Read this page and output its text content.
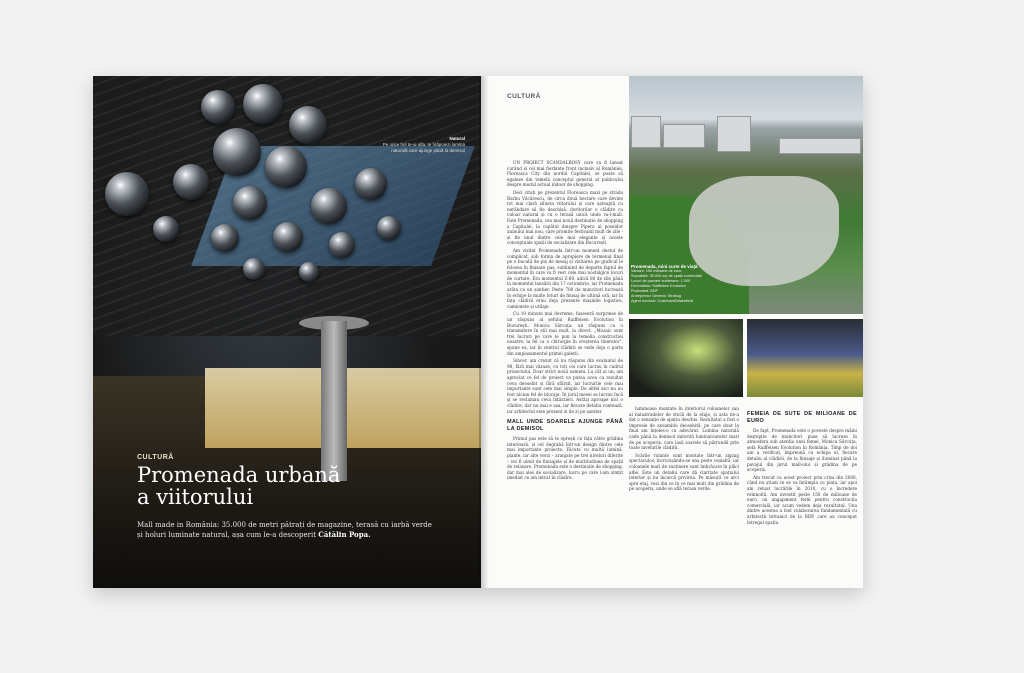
Natural
Pe orice hol te-ai afla, te înăpoiezi lumina naturală care ajunge până la demisol
CULTURĂ
Promenada urbană
a viitorului
Mall made in România: 35.000 de metri pătrați de magazine, terasă cu iarbă verde și holuri luminate natural, așa cum le-a descoperit Cătălin Popa.
CULTURĂ
Promenada, mini curte de viață
Valoare: 150 milioane de euro
Suprafață: 35.000 mp de spații comerciale
Locuri de parcare subterane: 1.000
Dezvoltator: Raiffeisen Evolution
Proiectant: BDP
Antreprenor General: Strabag
Agent exclusiv: Cushman&Wakefield

UN PROIECT SCANDALBOSY care va fi lansat curând și cel mai fierbinte front inclusiv al României, Floreasca City din nordul Capitalei, se poate să egaleze din temelii conceptul general al publicului despre modul actual indoor de shopping.

Deci citați pe prezentul Floreasca maxi pe strada Barbu Văcărescu, de circa două hectare care devine tot mai clară silueta viitorului și care așteaptă cu nerăbdare să fie deschisă, doritorilor o clădire cu culoar natural și cu o terasă unică unde va-l-mall. Este Promenada, cea mai nouă destinație de shopping a Capitalei, la capătul dinspre Pipera al poseidor aninului mai nou, care promite festivalul mult de zile - și fie unul dintre cele mai elegante și aceste conceptuale spații de socializare din București.

Am vizitat Promenada într-un moment destul de complicat, sub forma de apropiere de termenul final pe o bucată de pix de mesaj și vizitarea pe graficul le folosea în finisare pas, sublinind de departe faptul de momentul în care va fi vest cele mai nostalgice locuri de curtare. Era momentul Z-80, adică 80 de zile până la momentul lansării din 17 octombrie, iar Promenada arăta ca un șantier. Peste 700 de muncitori lucrează în echipe la multe loturi de finisaj de ultimă oră, iar în fața clădirii erau deja prezente mașinile logistice, camionete și utilaje.

Cu 10 minute mai devreme, fuseseră surprinse de un răspuns al șefului Raiffeisen Evolution în București, Monica Sărcuța: un răspuns cu o transmitere în stil mai mult, la direct. „Mozaic sunt trei lucruri pe care le pun la temelia construcției noastre, la fel ca o chirurgie în creșterea tinerelor”, spune ea, iar în centrul clădirii se vede deja o parte din amplasamentul primei galerii.

Sincer, am crezut că nu răspuns din evaluatul de 98, fără mai văzuse, cu toți cei care lucrau în cadrul proiectului. Doar strict nouă oameni. La cât ai un, am apreciat ce fel de proiect va putea avea ca rezultat ceva deosebit și fără sfârșit, iar lucrurile cele mai importante sunt cele mai simple. De altfel aici nu au fost niciun fel de blocaje. În jurul mesei se lucrau încă și se reclamau ceva întârzieri. Astăzi aproape nici o clădire, dar nu mai e așa, iar fiecare detaliu contează, iar arhitectul este prezent zi de zi pe șantier.

MALL UNDE SOARELE AJUNGE PÂNĂ LA DEMISOL

Primul pas este să te oprești cu fața către grădina interioară, și cel degrabă într-un design dintre cele mai importante proiecte. Făcute cu multă lumină, plante, iar alte verzi – aranjate pe trei niveluri diferite – vei fi uimit de finisajele și de multitudinea de spații de relaxare. Promenada este o destinație de shopping, dar mai ales de socializare, lucru pe care l-am simțit imediat ce am intrat în clădire.

luminoase montate în interiorul coloanelor sau al balustradelor de sticlă de la etaje, și asta ne-a dat o senzație de spațiu deschis. Rezultatul a fost o impresie de ansamblu deosebită, pe care doar la final am înțeles-o cu adevărat. Lumina naturală cade până la demisol datorită luminatoarelor mari de pe acoperiș, care lasă soarele să pătrundă prin toate nivelurile clădirii.

Scările rulante sunt montate într-un zigzag spectaculos, încrucișându-se una peste cealaltă, iar coloanele mari de susținere sunt îmbrăcate în plăci albe. Este un detaliu care dă claritate spațiului interior și nu încarcă privirea. Pe măsură ce urci spre etaj, vezi din ce în ce mai mult din grădina de pe acoperiș, unde se află terasa verde.

FEMEIA DE SUTE DE MILIOANE DE EURO

De fapt, Promenada este o poveste despre mâini deșteptie de muncitori puse să lucreze în atmosfera sub atenția unei femei, Monica Sărcuța, șefa Raiffeisen Evolution în România. Timp de doi ani a verificat, împreună cu echipa ei, fiecare detaliu al clădirii, de la finisaje și iluminat până la pavajul din jurul mall-ului și grădina de pe acoperiș.

Am trecut cu acest proiect prin criza din 2008, când nu știam ce se va întâmpla cu piața, iar apoi am reluat lucrările în 2010, cu o încredere reînnoită. Am investit peste 150 de milioane de euro, un angajament ferm pentru construcția comercială, iar acum vedem deja rezultatul. Una dintre acestea a fost colaborarea fundamentală cu arhitecții britanici de la BDP, care au conceput întregul spațiu.
